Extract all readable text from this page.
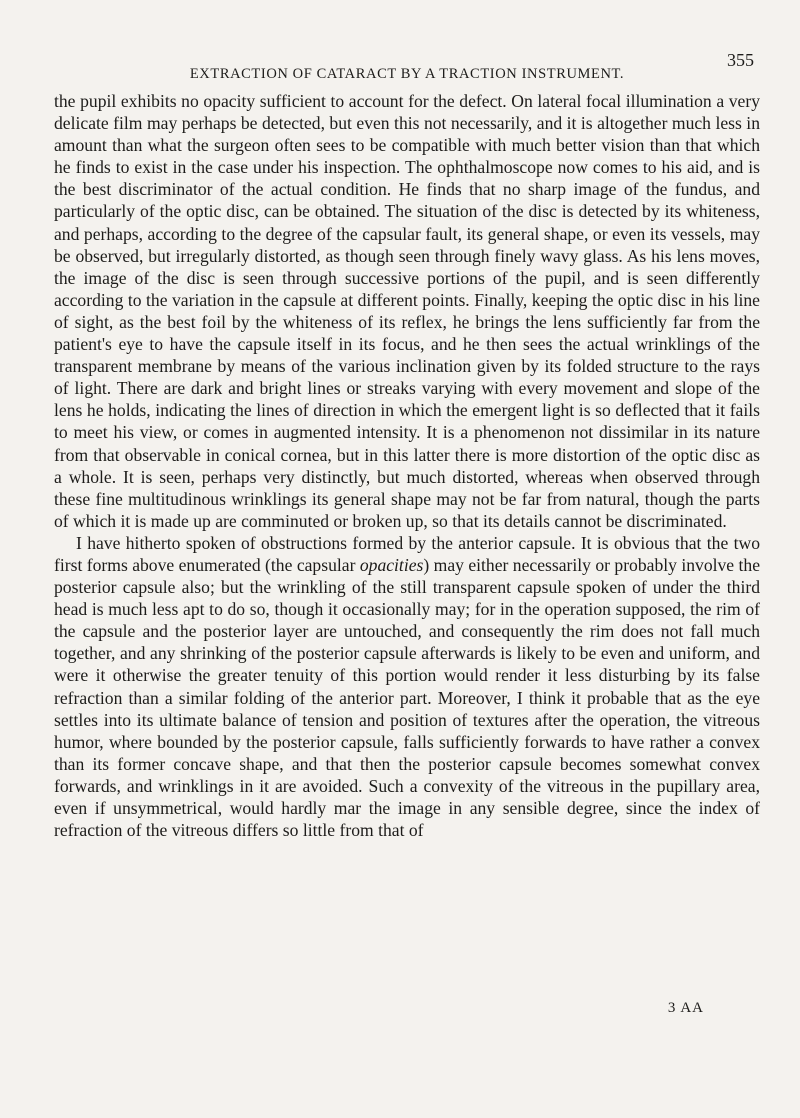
EXTRACTION OF CATARACT BY A TRACTION INSTRUMENT.
355

the pupil exhibits no opacity sufficient to account for the defect. On lateral focal illumination a very delicate film may perhaps be detected, but even this not necessarily, and it is altogether much less in amount than what the surgeon often sees to be compatible with much better vision than that which he finds to exist in the case under his inspection. The ophthalmoscope now comes to his aid, and is the best discriminator of the actual condition. He finds that no sharp image of the fundus, and particularly of the optic disc, can be obtained. The situation of the disc is detected by its whiteness, and perhaps, according to the degree of the capsular fault, its general shape, or even its vessels, may be observed, but irregularly distorted, as though seen through finely wavy glass. As his lens moves, the image of the disc is seen through successive portions of the pupil, and is seen differently according to the variation in the capsule at different points. Finally, keeping the optic disc in his line of sight, as the best foil by the whiteness of its reflex, he brings the lens sufficiently far from the patient's eye to have the capsule itself in its focus, and he then sees the actual wrinklings of the transparent membrane by means of the various inclination given by its folded structure to the rays of light. There are dark and bright lines or streaks varying with every movement and slope of the lens he holds, indicating the lines of direction in which the emergent light is so deflected that it fails to meet his view, or comes in augmented intensity. It is a phenomenon not dissimilar in its nature from that observable in conical cornea, but in this latter there is more distortion of the optic disc as a whole. It is seen, perhaps very distinctly, but much distorted, whereas when observed through these fine multitudinous wrinklings its general shape may not be far from natural, though the parts of which it is made up are comminuted or broken up, so that its details cannot be discriminated.

I have hitherto spoken of obstructions formed by the anterior capsule. It is obvious that the two first forms above enumerated (the capsular opacities) may either necessarily or probably involve the posterior capsule also; but the wrinkling of the still transparent capsule spoken of under the third head is much less apt to do so, though it occasionally may; for in the operation supposed, the rim of the capsule and the posterior layer are untouched, and consequently the rim does not fall much together, and any shrinking of the posterior capsule afterwards is likely to be even and uniform, and were it otherwise the greater tenuity of this portion would render it less disturbing by its false refraction than a similar folding of the anterior part. Moreover, I think it probable that as the eye settles into its ultimate balance of tension and position of textures after the operation, the vitreous humor, where bounded by the posterior capsule, falls sufficiently forwards to have rather a convex than its former concave shape, and that then the posterior capsule becomes somewhat convex forwards, and wrinklings in it are avoided. Such a convexity of the vitreous in the pupillary area, even if unsymmetrical, would hardly mar the image in any sensible degree, since the index of refraction of the vitreous differs so little from that of

3 AA
